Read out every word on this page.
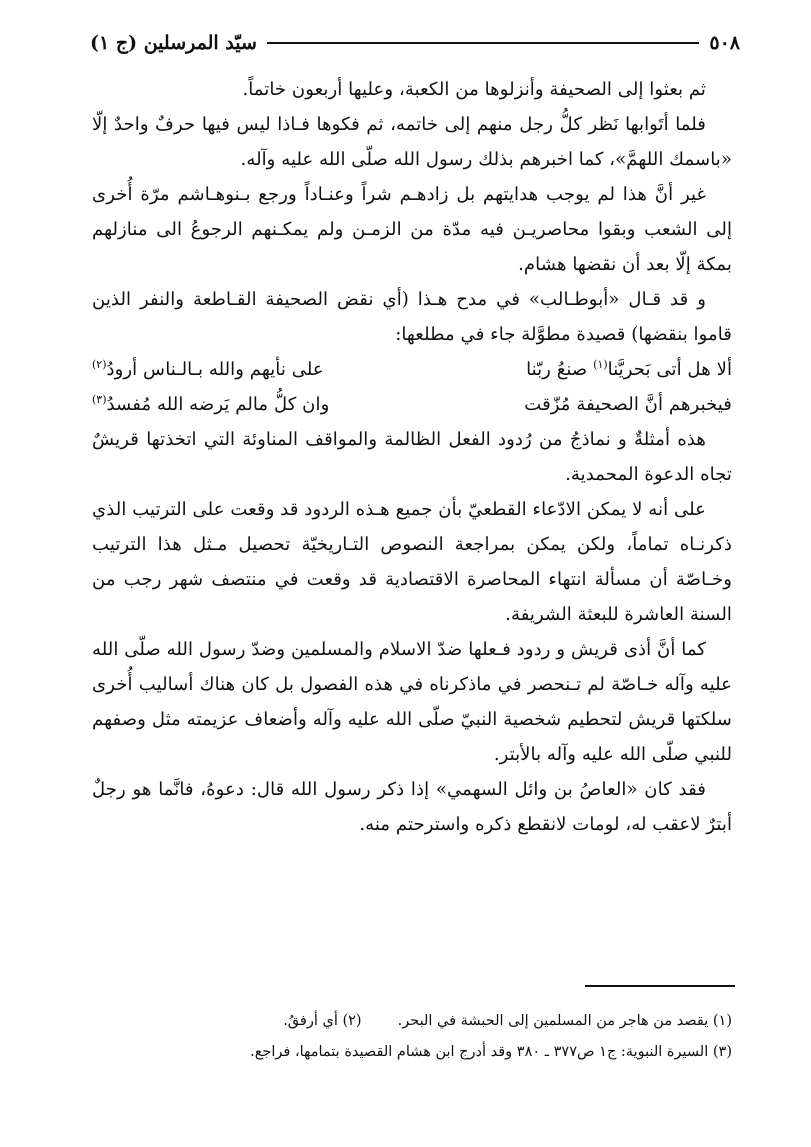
٥٠٨
سيّد المرسلين (ج ١)

ثم بعثوا إلى الصحيفة وأنزلوها من الكعبة، وعليها أربعون خاتماً.

فلما أتَوابها نَظر كلُّ رجل منهم إلى خاتمه، ثم فكوها فـاذا ليس فيها حرفٌ واحدٌ إلّا «باسمك اللهمَّ»، كما اخبرهم بذلك رسول الله صلّى الله عليه وآله.

غير أنَّ هذا لم يوجب هدايتهم بل زادهـم شراً وعنـاداً ورجع بـنوهـاشم مرّة أُخرى إلى الشعب وبقوا محاصريـن فيه مدّة من الزمـن ولم يمكـنهم الرجوعُ الى منازلهم بمكة إلّا بعد أن نقضها هشام.

و قد قـال «أبوطـالب» في مدح هـذا (أي نقض الصحيفة القـاطعة والنفر الذين قاموا بنقضها) قصيدة مطوَّلة جاء في مطلعها:

ألا هل أتى بَحريَّنا$^{(١)}$ صنعُ ربّنا
على نأيهم والله بـالـناس أرودُ$^{(٢)}$
فيخبرهم أنَّ الصحيفة مُزّقت
وان كلُّ مالم يَرضه الله مُفسدُ$^{(٣)}$

هذه أمثلةٌ و نماذجُ من رُدود الفعل الظالمة والمواقف المناوئة التي اتخذتها قريشٌ تجاه الدعوة المحمدية.

على أنه لا يمكن الادّعاء القطعيّ بأن جميع هـذه الردود قد وقعت على الترتيب الذي ذكرنـاه تماماً، ولكن يمكن بمراجعة النصوص التـاريخيّة تحصيل مـثل هذا الترتيب وخـاصّة أن مسألة انتهاء المحاصرة الاقتصادية قد وقعت في منتصف شهر رجب من السنة العاشرة للبعثة الشريفة.

كما أنَّ أذى قريش و ردود فـعلها ضدّ الاسلام والمسلمين وضدّ رسول الله صلّى الله عليه وآله خـاصّة لم تـنحصر في ماذكرناه في هذه الفصول بل كان هناك أساليب أُخرى سلكتها قريش لتحطيم شخصية النبيّ صلّى الله عليه وآله وأضعاف عزيمته مثل وصفهم للنبي صلّى الله عليه وآله بالأبتر.

فقد كان «العاصُ بن وائل السهمي» إذا ذكر رسول الله قال: دعوهُ، فانَّما هو رجلٌ أبترٌ لاعقب له، لومات لانقطع ذكره واسترحتم منه.

(١) يقصد من هاجر من المسلمين إلى الحبشة في البحر.
(٢) أي أرفقُ.
(٣) السيرة النبوية: ج١ ص٣٧٧ ـ ٣٨٠ وقد أدرج ابن هشام القصيدة بتمامها، فراجع.
